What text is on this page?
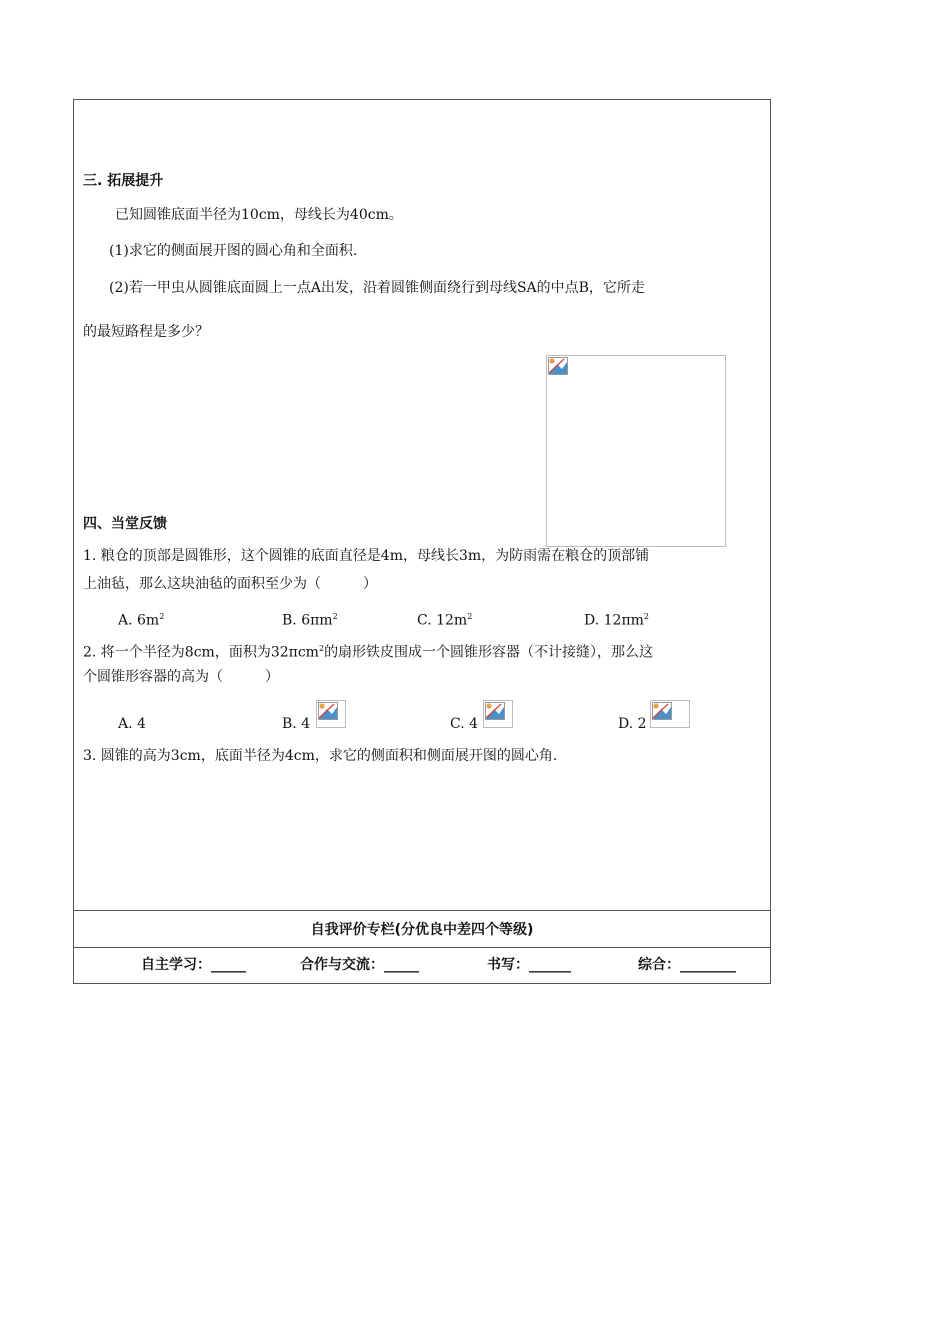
三. 拓展提升
已知圆锥底面半径为10cm，母线长为40cm。
(1)求它的侧面展开图的圆心角和全面积.
(2)若一甲虫从圆锥底面圆上一点A出发，沿着圆锥侧面绕行到母线SA的中点B，它所走
的最短路程是多少？
四、当堂反馈
1. 粮仓的顶部是圆锥形，这个圆锥的底面直径是4m，母线长3m，为防雨需在粮仓的顶部铺
上油毡，那么这块油毡的面积至少为（　　　）
A. $6m^2$	B. $6\pi m^2$	C. $12m^2$	D. $12\pi m^2$
2. 将一个半径为8cm，面积为32πcm$^2$的扇形铁皮围成一个圆锥形容器（不计接缝），那么这
个圆锥形容器的高为（　　　）
A. 4	B. 4	C. 4	D. 2
3. 圆锥的高为3cm，底面半径为4cm，求它的侧面积和侧面展开图的圆心角.
自我评价专栏(分优良中差四个等级)
自主学习：_____	合作与交流：_____	书写：______	综合：________
